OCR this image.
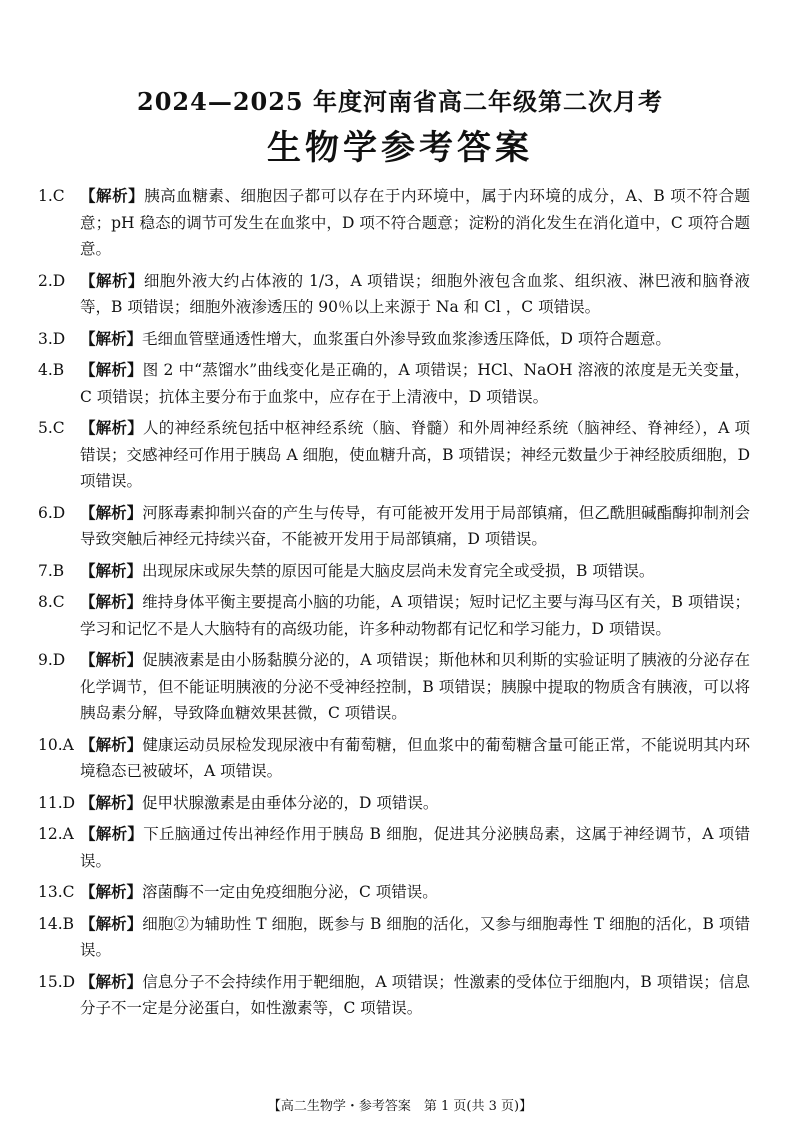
2024—2025 年度河南省高二年级第二次月考
生物学参考答案
1.C 【解析】胰高血糖素、细胞因子都可以存在于内环境中，属于内环境的成分，A、B 项不符合题意；pH 稳态的调节可发生在血浆中，D 项不符合题意；淀粉的消化发生在消化道中，C 项符合题意。
2.D 【解析】细胞外液大约占体液的 1/3，A 项错误；细胞外液包含血浆、组织液、淋巴液和脑脊液等，B 项错误；细胞外液渗透压的 90％以上来源于 Na 和 Cl ，C 项错误。
3.D 【解析】毛细血管壁通透性增大，血浆蛋白外渗导致血浆渗透压降低，D 项符合题意。
4.B 【解析】图 2 中“蒸馏水”曲线变化是正确的，A 项错误；HCl、NaOH 溶液的浓度是无关变量，C 项错误；抗体主要分布于血浆中，应存在于上清液中，D 项错误。
5.C 【解析】人的神经系统包括中枢神经系统（脑、脊髓）和外周神经系统（脑神经、脊神经），A 项错误；交感神经可作用于胰岛 A 细胞，使血糖升高，B 项错误；神经元数量少于神经胶质细胞，D 项错误。
6.D 【解析】河豚毒素抑制兴奋的产生与传导，有可能被开发用于局部镇痛，但乙酰胆碱酯酶抑制剂会导致突触后神经元持续兴奋，不能被开发用于局部镇痛，D 项错误。
7.B 【解析】出现尿床或尿失禁的原因可能是大脑皮层尚未发育完全或受损，B 项错误。
8.C 【解析】维持身体平衡主要提高小脑的功能，A 项错误；短时记忆主要与海马区有关，B 项错误；学习和记忆不是人大脑特有的高级功能，许多种动物都有记忆和学习能力，D 项错误。
9.D 【解析】促胰液素是由小肠黏膜分泌的，A 项错误；斯他林和贝利斯的实验证明了胰液的分泌存在化学调节，但不能证明胰液的分泌不受神经控制，B 项错误；胰腺中提取的物质含有胰液，可以将胰岛素分解，导致降血糖效果甚微，C 项错误。
10.A 【解析】健康运动员尿检发现尿液中有葡萄糖，但血浆中的葡萄糖含量可能正常，不能说明其内环境稳态已被破坏，A 项错误。
11.D 【解析】促甲状腺激素是由垂体分泌的，D 项错误。
12.A 【解析】下丘脑通过传出神经作用于胰岛 B 细胞，促进其分泌胰岛素，这属于神经调节，A 项错误。
13.C 【解析】溶菌酶不一定由免疫细胞分泌，C 项错误。
14.B 【解析】细胞②为辅助性 T 细胞，既参与 B 细胞的活化，又参与细胞毒性 T 细胞的活化，B 项错误。
15.D 【解析】信息分子不会持续作用于靶细胞，A 项错误；性激素的受体位于细胞内，B 项错误；信息分子不一定是分泌蛋白，如性激素等，C 项错误。
【高二生物学・参考答案　第 1 页(共 3 页)】
